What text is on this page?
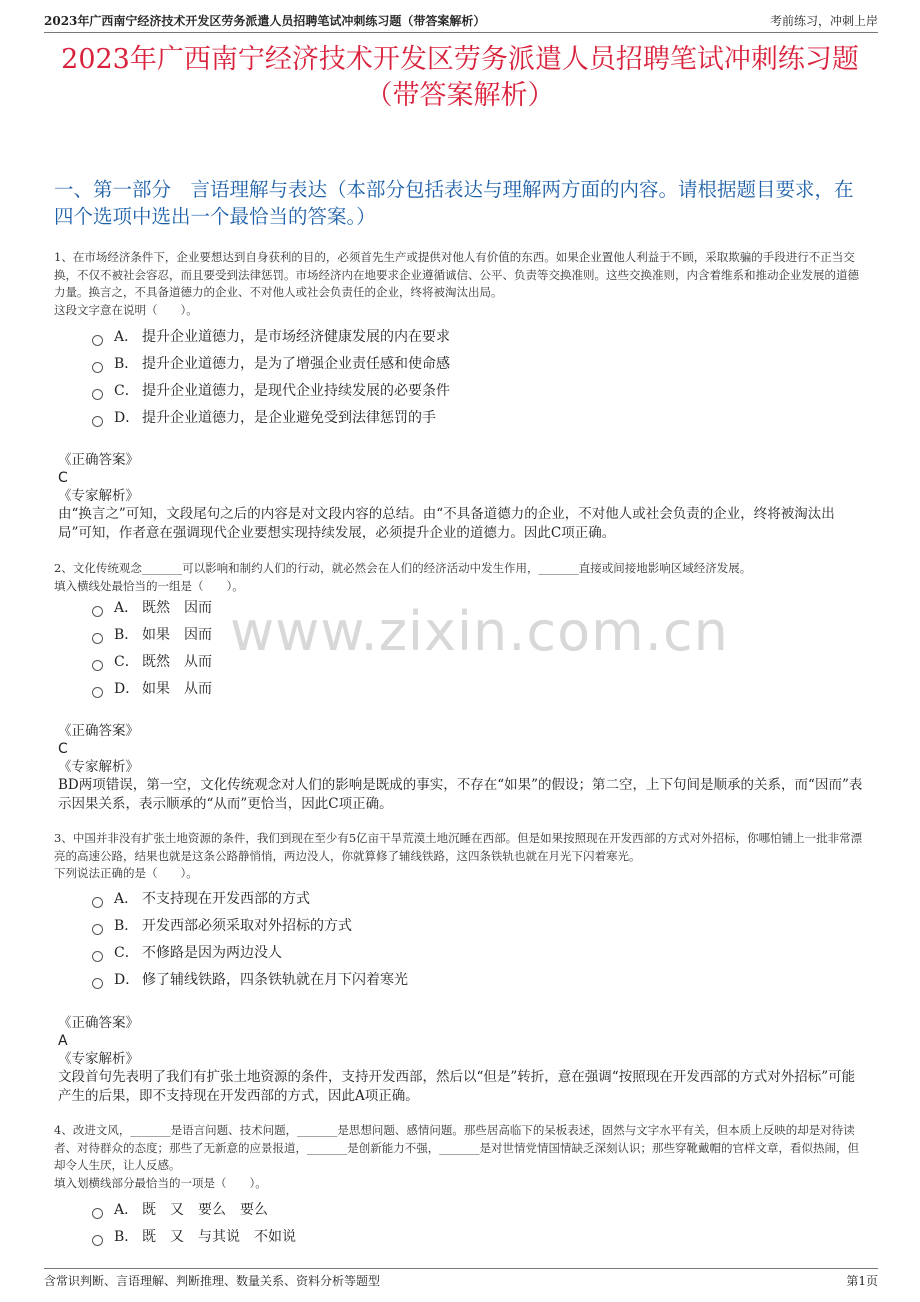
2023年广西南宁经济技术开发区劳务派遣人员招聘笔试冲刺练习题（带答案解析）	考前练习，冲刺上岸
2023年广西南宁经济技术开发区劳务派遣人员招聘笔试冲刺练习题（带答案解析）
一、第一部分　言语理解与表达（本部分包括表达与理解两方面的内容。请根据题目要求，在四个选项中选出一个最恰当的答案。）
www.zixin.com.cn
1、在市场经济条件下，企业要想达到自身获利的目的，必须首先生产或提供对他人有价值的东西。如果企业置他人利益于不顾，采取欺骗的手段进行不正当交换，不仅不被社会容忍，而且要受到法律惩罚。市场经济内在地要求企业遵循诚信、公平、负责等交换准则。这些交换准则，内含着维系和推动企业发展的道德力量。换言之，不具备道德力的企业、不对他人或社会负责任的企业，终将被淘汰出局。
这段文字意在说明（　　）。
A． 提升企业道德力，是市场经济健康发展的内在要求
B． 提升企业道德力，是为了增强企业责任感和使命感
C． 提升企业道德力，是现代企业持续发展的必要条件
D． 提升企业道德力，是企业避免受到法律惩罚的手
《正确答案》
C
《专家解析》
由“换言之”可知，文段尾句之后的内容是对文段内容的总结。由“不具备道德力的企业，不对他人或社会负责的企业，终将被淘汰出局”可知，作者意在强调现代企业要想实现持续发展，必须提升企业的道德力。因此C项正确。
2、文化传统观念_______可以影响和制约人们的行动，就必然会在人们的经济活动中发生作用，_______直接或间接地影响区域经济发展。
填入横线处最恰当的一组是（　　）。
A． 既然　因而
B． 如果　因而
C． 既然　从而
D． 如果　从而
《正确答案》
C
《专家解析》
BD两项错误，第一空，文化传统观念对人们的影响是既成的事实，不存在“如果”的假设；第二空，上下句间是顺承的关系，而“因而”表示因果关系，表示顺承的“从而”更恰当，因此C项正确。
3、中国并非没有扩张土地资源的条件，我们到现在至少有5亿亩干旱荒漠土地沉睡在西部。但是如果按照现在开发西部的方式对外招标，你哪怕铺上一批非常漂亮的高速公路，结果也就是这条公路静悄悄，两边没人，你就算修了辅线铁路，这四条铁轨也就在月光下闪着寒光。
下列说法正确的是（　　）。
A． 不支持现在开发西部的方式
B． 开发西部必须采取对外招标的方式
C． 不修路是因为两边没人
D． 修了辅线铁路，四条铁轨就在月下闪着寒光
《正确答案》
A
《专家解析》
文段首句先表明了我们有扩张土地资源的条件，支持开发西部，然后以“但是”转折，意在强调“按照现在开发西部的方式对外招标”可能产生的后果，即不支持现在开发西部的方式，因此A项正确。
4、改进文风，_______是语言问题、技术问题，_______是思想问题、感情问题。那些居高临下的呆板表述，固然与文字水平有关，但本质上反映的却是对待读者、对待群众的态度；那些了无新意的应景报道，_______是创新能力不强，_______是对世情党情国情缺乏深刻认识；那些穿靴戴帽的官样文章，看似热闹，但却令人生厌，让人反感。
填入划横线部分最恰当的一项是（　　）。
A． 既　又　要么　要么
B． 既　又　与其说　不如说
含常识判断、言语理解、判断推理、数量关系、资料分析等题型	第1页
